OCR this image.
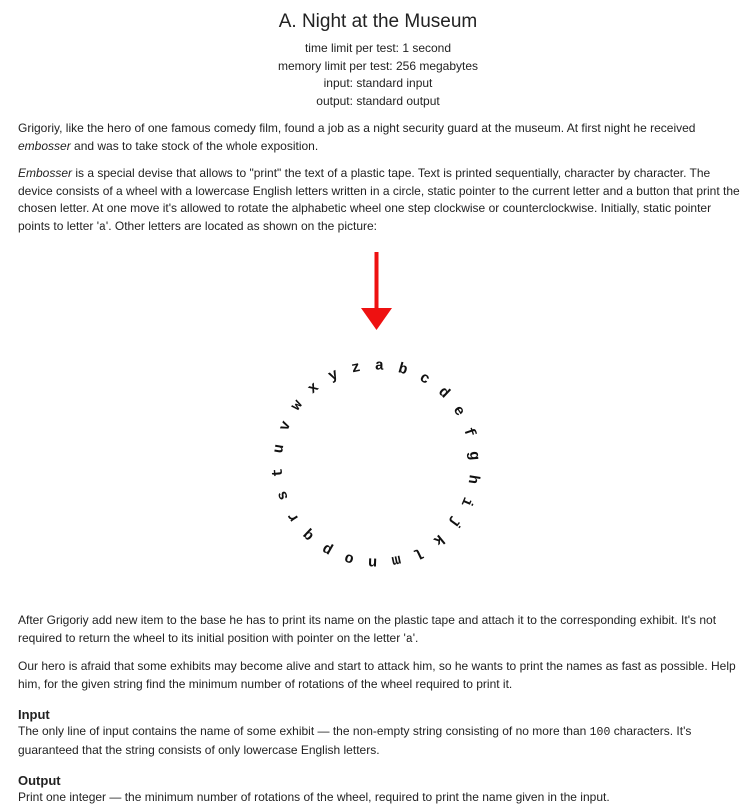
A. Night at the Museum
time limit per test: 1 second
memory limit per test: 256 megabytes
input: standard input
output: standard output

Grigoriy, like the hero of one famous comedy film, found a job as a night security guard at the museum. At first night he received embosser and was to take stock of the whole exposition.

Embosser is a special devise that allows to "print" the text of a plastic tape. Text is printed sequentially, character by character. The device consists of a wheel with a lowercase English letters written in a circle, static pointer to the current letter and a button that print the chosen letter. At one move it's allowed to rotate the alphabetic wheel one step clockwise or counterclockwise. Initially, static pointer points to letter 'a'. Other letters are located as shown on the picture:

a b c
d
e
f
g
h
i
j
k
l
m
n
o
p
q
r
s
t
u
v
w
x
y z

After Grigoriy add new item to the base he has to print its name on the plastic tape and attach it to the corresponding exhibit. It's not required to return the wheel to its initial position with pointer on the letter 'a'.

Our hero is afraid that some exhibits may become alive and start to attack him, so he wants to print the names as fast as possible. Help him, for the given string find the minimum number of rotations of the wheel required to print it.

Input

The only line of input contains the name of some exhibit — the non-empty string consisting of no more than 100 characters. It's guaranteed that the string consists of only lowercase English letters.

Output

Print one integer — the minimum number of rotations of the wheel, required to print the name given in the input.
